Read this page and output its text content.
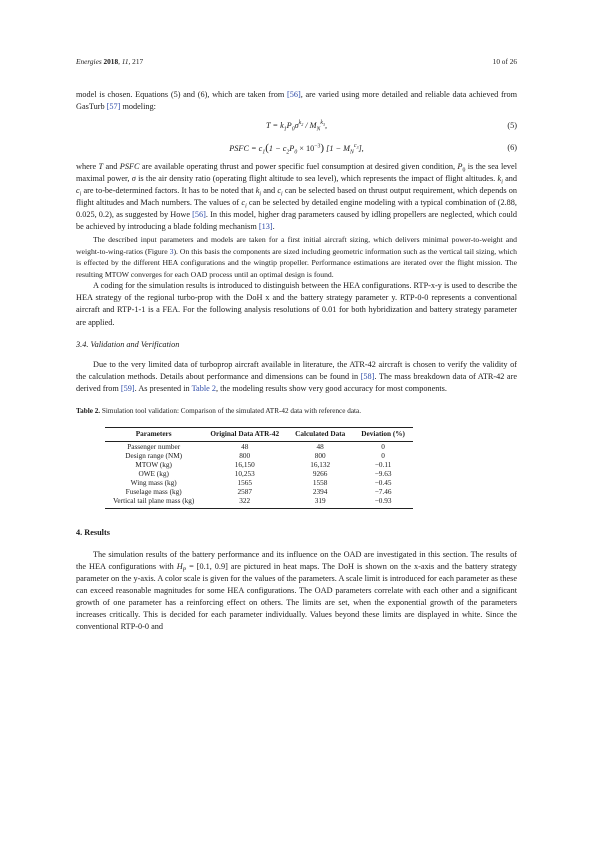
Energies 2018, 11, 217	10 of 26

model is chosen. Equations (5) and (6), which are taken from [56], are varied using more detailed and reliable data achieved from GasTurb [57] modeling:

$T = k_1P_0\sigma^{k_2} / M_N^{k_3}$,	(5)
PSFC = $c_1(1 - c_2P_0 \times 10^{-3}) [1 - M_N^{c_3}]$,	(6)

where T and PSFC are available operating thrust and power specific fuel consumption at desired given condition, $P_0$ is the sea level maximal power, σ is the air density ratio (operating flight altitude to sea level), which represents the impact of flight altitudes. $k_i$ and $c_i$ are to-be-determined factors. It has to be noted that $k_i$ and $c_i$ can be selected based on thrust output requirement, which depends on flight altitudes and Mach numbers. The values of $c_i$ can be selected by detailed engine modeling with a typical combination of (2.88, 0.025, 0.2), as suggested by Howe [56]. In this model, higher drag parameters caused by idling propellers are neglected, which could be achieved by introducing a blade folding mechanism [13].

The described input parameters and models are taken for a first initial aircraft sizing, which delivers minimal power-to-weight and weight-to-wing-ratios (Figure 3). On this basis the components are sized including geometric information such as the vertical tail sizing, which is effected by the different HEA configurations and the wingtip propeller. Performance estimations are iterated over the flight mission. The resulting MTOW converges for each OAD process until an optimal design is found.

A coding for the simulation results is introduced to distinguish between the HEA configurations. RTP-x-y is used to describe the HEA strategy of the regional turbo-prop with the DoH x and the battery strategy parameter y. RTP-0-0 represents a conventional aircraft and RTP-1-1 is a FEA. For the following analysis resolutions of 0.01 for both hybridization and battery strategy parameter are applied.

3.4. Validation and Verification

Due to the very limited data of turboprop aircraft available in literature, the ATR-42 aircraft is chosen to verify the validity of the calculation methods. Details about performance and dimensions can be found in [58]. The mass breakdown data of ATR-42 are derived from [59]. As presented in Table 2, the modeling results show very good accuracy for most components.

Table 2. Simulation tool validation: Comparison of the simulated ATR-42 data with reference data.

Parameters	Original Data ATR-42	Calculated Data	Deviation (%)
Passenger number	48	48	0
Design range (NM)	800	800	0
MTOW (kg)	16,150	16,132	−0.11
OWE (kg)	10,253	9266	−9.63
Wing mass (kg)	1565	1558	−0.45
Fuselage mass (kg)	2587	2394	−7.46
Vertical tail plane mass (kg)	322	319	−0.93

4. Results

The simulation results of the battery performance and its influence on the OAD are investigated in this section. The results of the HEA configurations with $H_P = [0.1$, 0.9] are pictured in heat maps. The DoH is shown on the x-axis and the battery strategy parameter on the y-axis. A color scale is given for the values of the parameters. A scale limit is introduced for each parameter as these can exceed reasonable magnitudes for some HEA configurations. The OAD parameters correlate with each other and a significant growth of one parameter has a reinforcing effect on others. The limits are set, when the exponential growth of the parameters increases critically. This is decided for each parameter individually. Values beyond these limits are displayed in white. Since the conventional RTP-0-0 and
